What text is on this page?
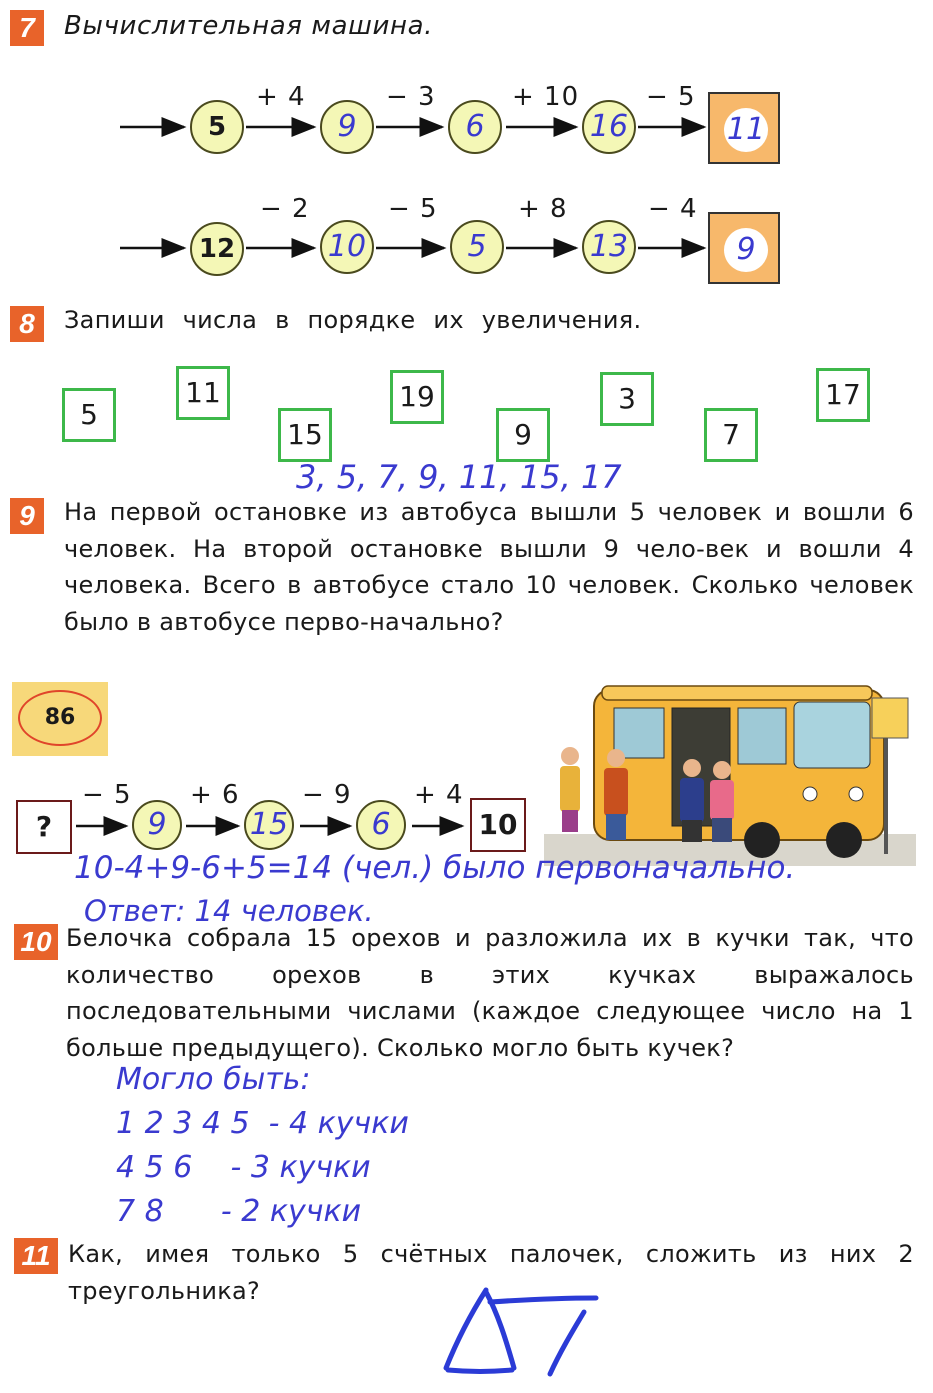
7	Вычислительная машина.
5	9	6	16	11
+ 4	− 3	+ 10	− 5
12	10	5	13	9
− 2	− 5	+ 8	− 4
8	Запиши числа в порядке их увеличения.
5
11
15
19
9
3
7
17
3, 5, 7, 9, 11, 15, 17
9	На первой остановке из автобуса вышли 5 человек и вошли 6 человек. На второй остановке вышли 9 чело-век и вошли 4 человека. Всего в автобусе стало 10 человек. Сколько человек было в автобусе перво-начально?

86
?	9	15	6	10
− 5 + 6 − 9 + 4
10-4+9-6+5=14 (чел.) было первоначально.
Ответ: 14 человек.
10 Белочка собрала 15 орехов и разложила их в кучки так, что количество орехов в этих кучках выражалось последовательными числами (каждое следующее число на 1 больше предыдущего). Сколько могло быть кучек?

Могло быть:
1 2 3 4 5  - 4 кучки
4 5 6    - 3 кучки
7 8      - 2 кучки
11 Как, имея только 5 счётных палочек, сложить из них 2 треугольника?
